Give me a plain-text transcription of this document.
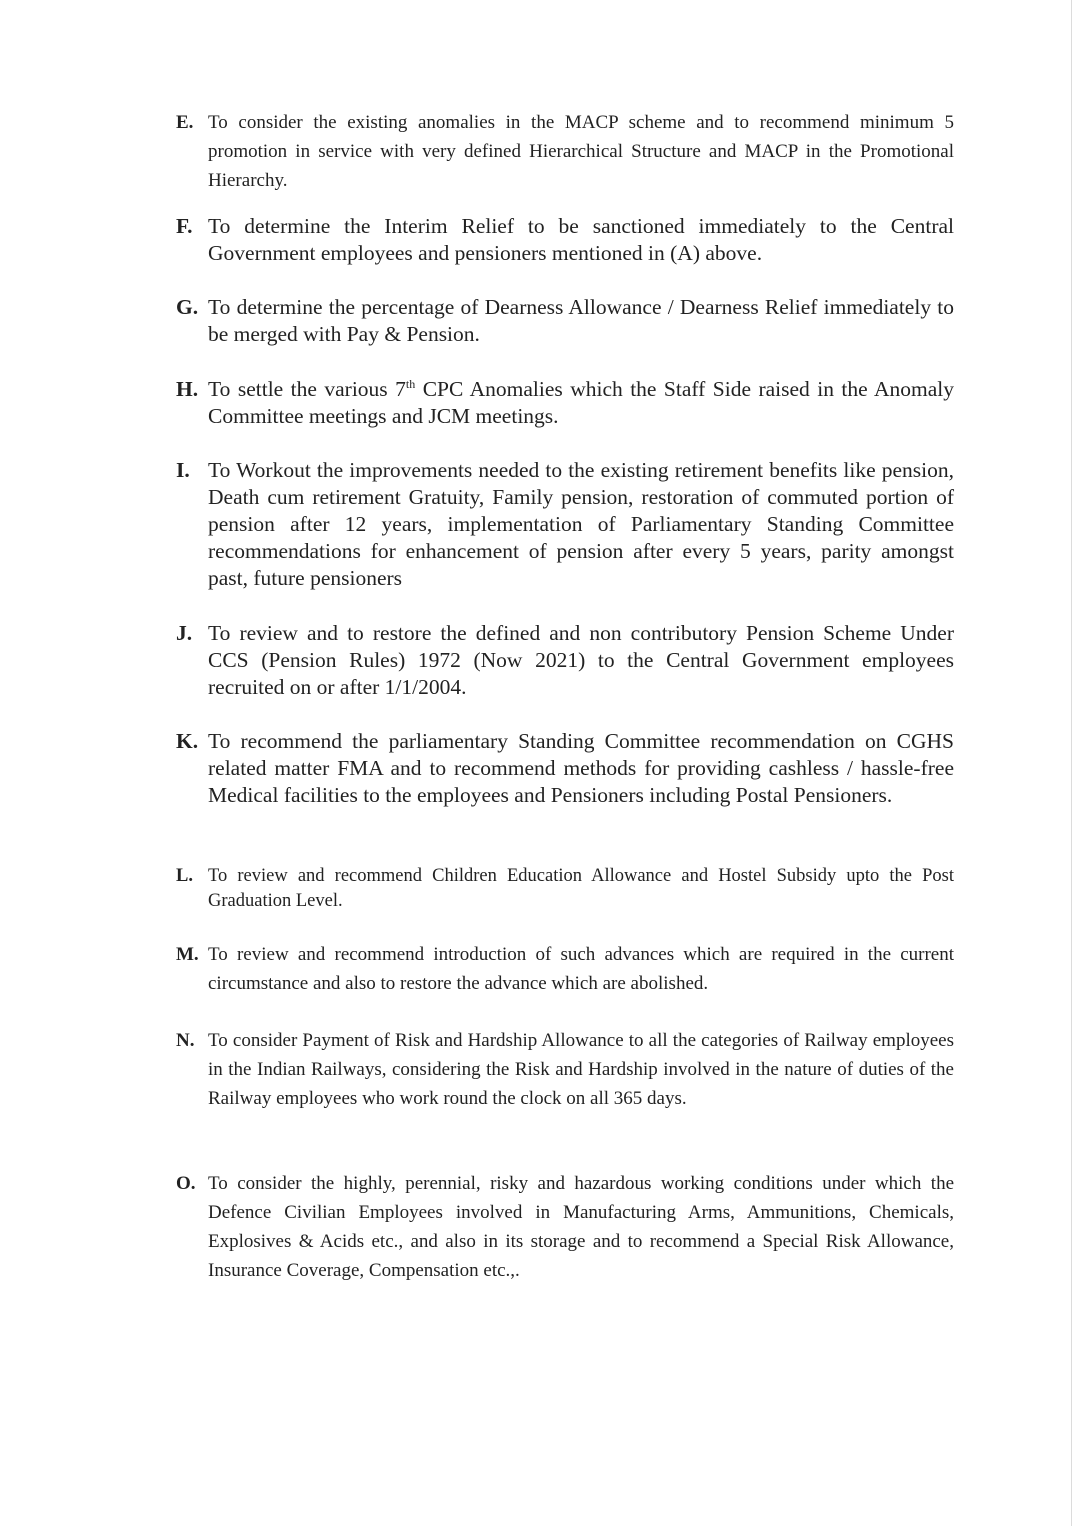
E. To consider the existing anomalies in the MACP scheme and to recommend minimum 5 promotion in service with very defined Hierarchical Structure and MACP in the Promotional Hierarchy.
F. To determine the Interim Relief to be sanctioned immediately to the Central Government employees and pensioners mentioned in (A) above.
G. To determine the percentage of Dearness Allowance / Dearness Relief immediately to be merged with Pay & Pension.
H. To settle the various 7th CPC Anomalies which the Staff Side raised in the Anomaly Committee meetings and JCM meetings.
I. To Workout the improvements needed to the existing retirement benefits like pension, Death cum retirement Gratuity, Family pension, restoration of commuted portion of pension after 12 years, implementation of Parliamentary Standing Committee recommendations for enhancement of pension after every 5 years, parity amongst past, future pensioners
J. To review and to restore the defined and non contributory Pension Scheme Under CCS (Pension Rules) 1972 (Now 2021) to the Central Government employees recruited on or after 1/1/2004.
K. To recommend the parliamentary Standing Committee recommendation on CGHS related matter FMA and to recommend methods for providing cashless / hassle-free Medical facilities to the employees and Pensioners including Postal Pensioners.
L. To review and recommend Children Education Allowance and Hostel Subsidy upto the Post Graduation Level.
M. To review and recommend introduction of such advances which are required in the current circumstance and also to restore the advance which are abolished.
N. To consider Payment of Risk and Hardship Allowance to all the categories of Railway employees in the Indian Railways, considering the Risk and Hardship involved in the nature of duties of the Railway employees who work round the clock on all 365 days.
O. To consider the highly, perennial, risky and hazardous working conditions under which the Defence Civilian Employees involved in Manufacturing Arms, Ammunitions, Chemicals, Explosives & Acids etc., and also in its storage and to recommend a Special Risk Allowance, Insurance Coverage, Compensation etc.,.
